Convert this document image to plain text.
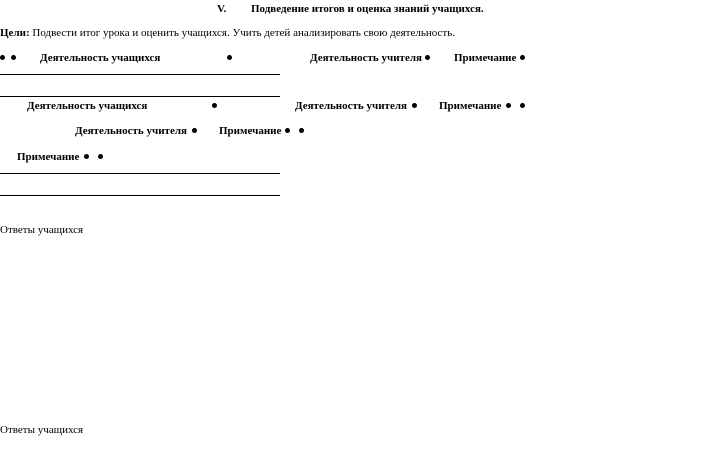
V. Подведение итогов и оценка знаний учащихся.
Цели: Подвести итог урока и оценить учащихся. Учить детей анализировать свою деятельность.

Деятельность учащихся	Деятельность учителя	Примечание
Деятельность учащихся	Деятельность учителя	Примечание

Деятельность учителя	Примечание

Примечание

Ответы учащихся
Ответы учащихся
